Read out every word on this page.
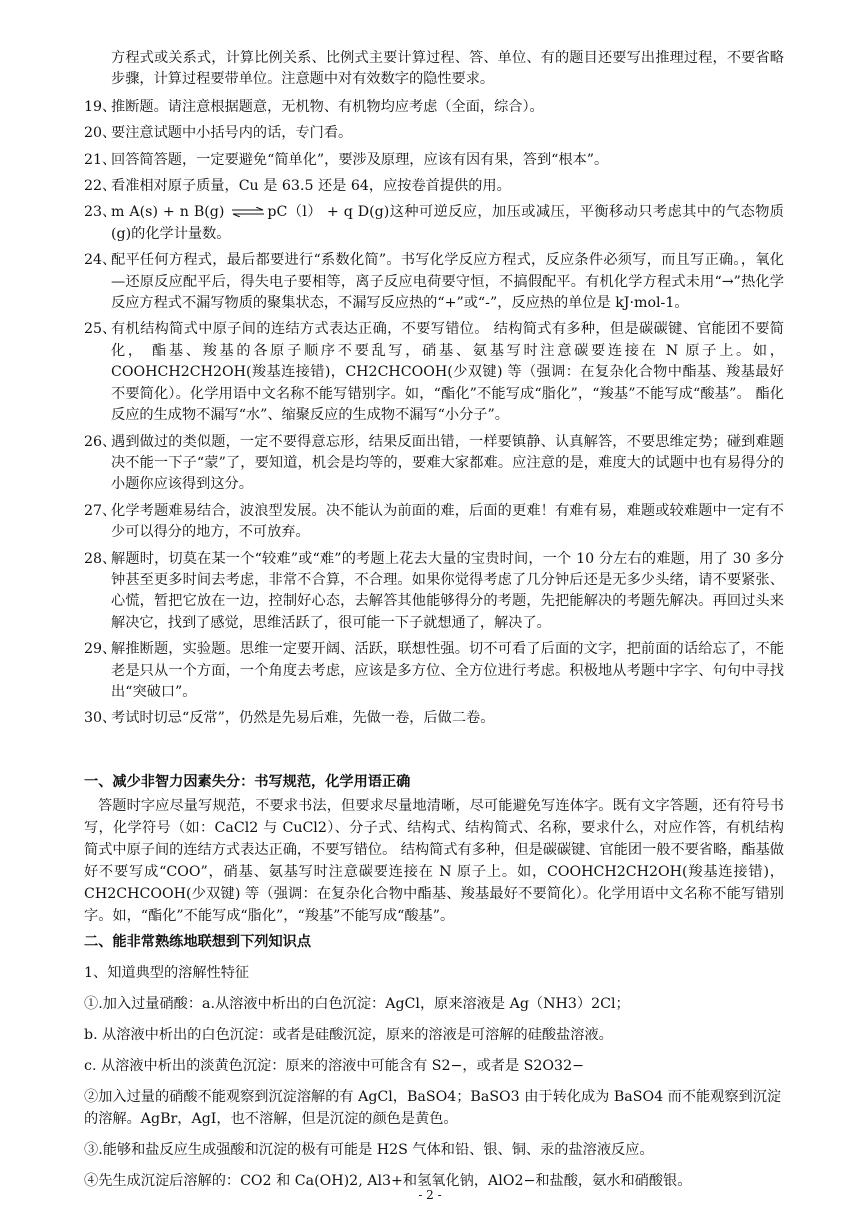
方程式或关系式，计算比例关系、比例式主要计算过程、答、单位、有的题目还要写出推理过程，不要省略步骤，计算过程要带单位。注意题中对有效数字的隐性要求。
19、
推断题。请注意根据题意，无机物、有机物均应考虑（全面，综合）。
20、
要注意试题中小括号内的话，专门看。
21、
回答简答题，一定要避免“简单化”，要涉及原理，应该有因有果，答到“根本”。
22、
看准相对原子质量，Cu 是 63.5 还是 64，应按卷首提供的用。
23、
m A(s) + n B(g) ⇌ pC（l） + q D(g)这种可逆反应，加压或减压，平衡移动只考虑其中的气态物质(g)的化学计量数。
24、
配平任何方程式，最后都要进行“系数化简”。书写化学反应方程式，反应条件必须写，而且写正确。，氧化—还原反应配平后，得失电子要相等，离子反应电荷要守恒，不搞假配平。有机化学方程式未用“→”热化学反应方程式不漏写物质的聚集状态，不漏写反应热的“+”或“-”，反应热的单位是 kJ·mol-1。
25、
有机结构简式中原子间的连结方式表达正确，不要写错位。 结构简式有多种，但是碳碳键、官能团不要简化， 酯基、羧基的各原子顺序不要乱写，硝基、氨基写时注意碳要连接在 N 原子上。如，COOHCH2CH2OH(羧基连接错)，CH2CHCOOH(少双键) 等（强调：在复杂化合物中酯基、羧基最好不要简化）。化学用语中文名称不能写错别字。如，“酯化”不能写成“脂化”，“羧基”不能写成“酸基”。 酯化反应的生成物不漏写“水”、缩聚反应的生成物不漏写“小分子”。
26、
遇到做过的类似题，一定不要得意忘形，结果反面出错，一样要镇静、认真解答，不要思维定势；碰到难题决不能一下子“蒙”了，要知道，机会是均等的，要难大家都难。应注意的是，难度大的试题中也有易得分的小题你应该得到这分。
27、
化学考题难易结合，波浪型发展。决不能认为前面的难，后面的更难！有难有易，难题或较难题中一定有不少可以得分的地方，不可放弃。
28、
解题时，切莫在某一个“较难”或“难”的考题上花去大量的宝贵时间，一个 10 分左右的难题，用了 30 多分钟甚至更多时间去考虑，非常不合算，不合理。如果你觉得考虑了几分钟后还是无多少头绪，请不要紧张、心慌，暂把它放在一边，控制好心态，去解答其他能够得分的考题，先把能解决的考题先解决。再回过头来解决它，找到了感觉，思维活跃了，很可能一下子就想通了，解决了。
29、
解推断题，实验题。思维一定要开阔、活跃，联想性强。切不可看了后面的文字，把前面的话给忘了，不能老是只从一个方面，一个角度去考虑，应该是多方位、全方位进行考虑。积极地从考题中字字、句句中寻找出“突破口”。
30、
考试时切忌“反常”，仍然是先易后难，先做一卷，后做二卷。
一、减少非智力因素失分：书写规范，化学用语正确
答题时字应尽量写规范，不要求书法，但要求尽量地清晰，尽可能避免写连体字。既有文字答题，还有符号书写，化学符号（如：CaCl2 与 CuCl2）、分子式、结构式、结构简式、名称，要求什么，对应作答，有机结构简式中原子间的连结方式表达正确，不要写错位。 结构简式有多种，但是碳碳键、官能团一般不要省略，酯基做好不要写成“COO”，硝基、氨基写时注意碳要连接在 N 原子上。如，COOHCH2CH2OH(羧基连接错)，CH2CHCOOH(少双键) 等（强调：在复杂化合物中酯基、羧基最好不要简化）。化学用语中文名称不能写错别字。如，“酯化”不能写成“脂化”，“羧基”不能写成“酸基”。
二、能非常熟练地联想到下列知识点
1、知道典型的溶解性特征
①.加入过量硝酸：a.从溶液中析出的白色沉淀：AgCl，原来溶液是 Ag（NH3）2Cl；
b. 从溶液中析出的白色沉淀：或者是硅酸沉淀，原来的溶液是可溶解的硅酸盐溶液。
c. 从溶液中析出的淡黄色沉淀：原来的溶液中可能含有 S2−，或者是 S2O32−
②加入过量的硝酸不能观察到沉淀溶解的有 AgCl，BaSO4；BaSO3 由于转化成为 BaSO4 而不能观察到沉淀的溶解。AgBr，AgI，也不溶解，但是沉淀的颜色是黄色。
③.能够和盐反应生成强酸和沉淀的极有可能是 H2S 气体和铅、银、铜、汞的盐溶液反应。
④先生成沉淀后溶解的：CO2 和 Ca(OH)2, Al3+和氢氧化钠，AlO2−和盐酸，氨水和硝酸银。
- 2 -
